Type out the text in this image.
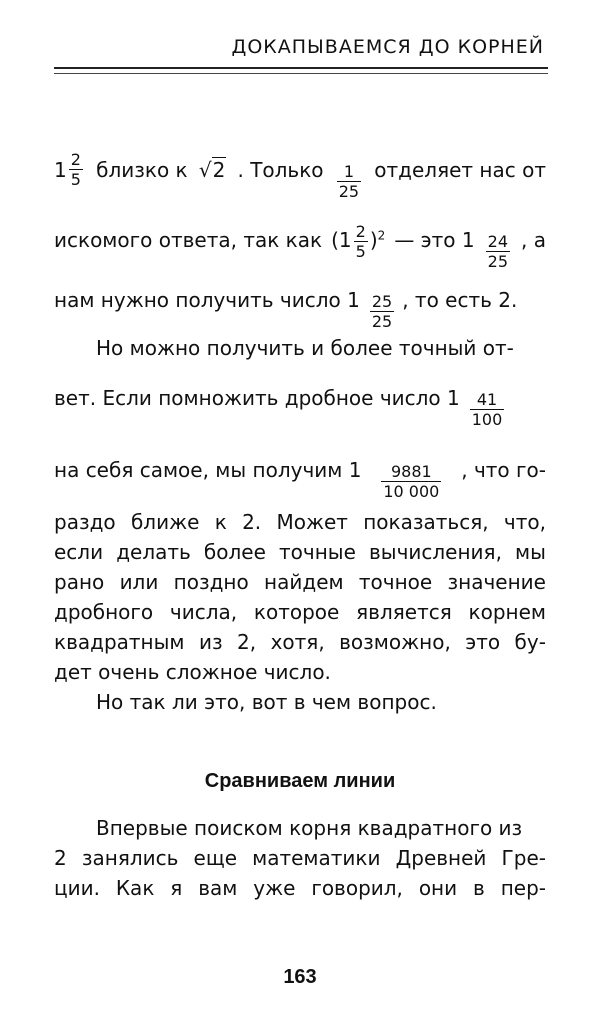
ДОКАПЫВАЕМСЯ ДО КОРНЕЙ
$1 \frac{2}{5}$ близко к √2 . Только $\frac{1}{25}$ отделяет нас от
искомого ответа, так как $(1 \frac{2}{5} )^2$ — это $1 \frac{24}{25}$ , а
нам нужно получить число $1 \frac{25}{25}$ , то есть 2.
Но можно получить и более точный от-
вет. Если помножить дробное число $1 \frac{41}{100}$
на себя самое, мы получим $1 \frac{9881}{10 000}$ , что го-
раздо ближе к 2. Может показаться, что,
если делать более точные вычисления, мы
рано или поздно найдем точное значение
дробного числа, которое является корнем
квадратным из 2, хотя, возможно, это бу-
дет очень сложное число.
Но так ли это, вот в чем вопрос.
Сравниваем линии
Впервые поиском корня квадратного из
2 занялись еще математики Древней Гре-
ции. Как я вам уже говорил, они в пер-
163
